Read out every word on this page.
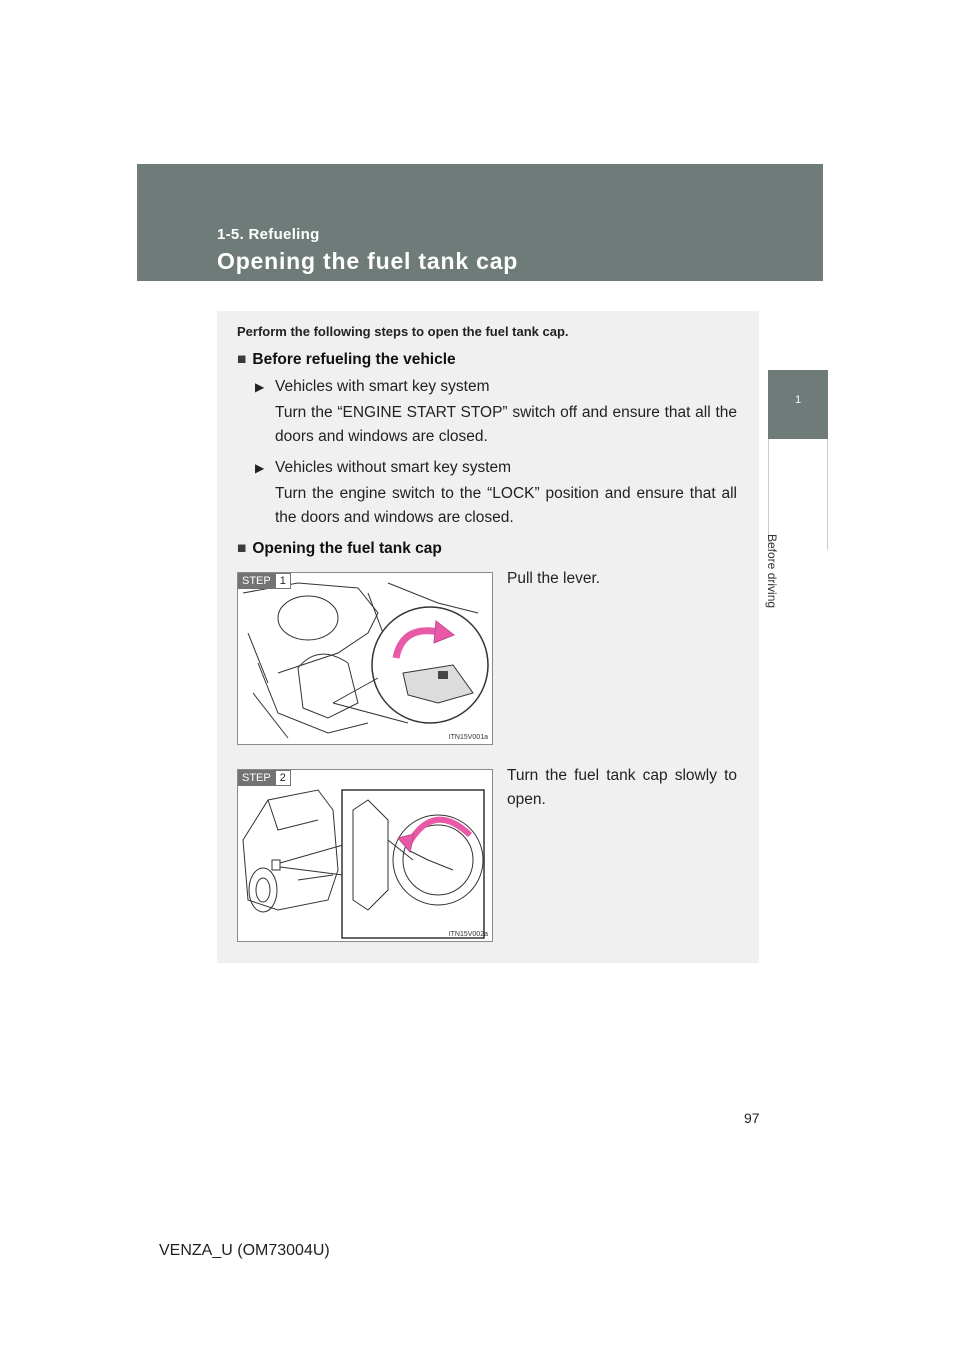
1-5. Refueling
Opening the fuel tank cap
1
Before driving
Perform the following steps to open the fuel tank cap.
■ Before refueling the vehicle
▶ Vehicles with smart key system
Turn the “ENGINE START STOP” switch off and ensure that all the doors and windows are closed.
▶ Vehicles without smart key system
Turn the engine switch to the “LOCK” position and ensure that all the doors and windows are closed.
■ Opening the fuel tank cap
STEP 1
ITN15V001a
Pull the lever.
STEP 2
ITN15V002a
Turn the fuel tank cap slowly to open.
97
VENZA_U (OM73004U)
